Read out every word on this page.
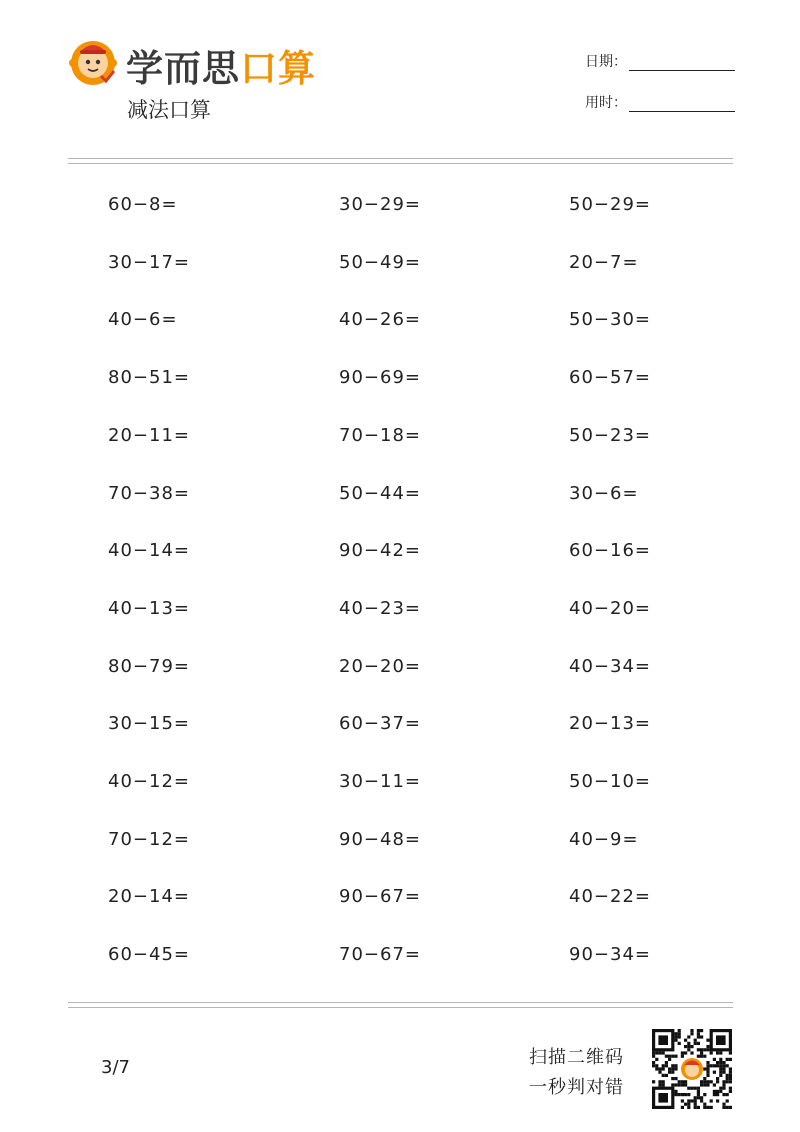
学而思口算
减法口算
日期：
用时：
60−8=
30−17=
40−6=
80−51=
20−11=
70−38=
40−14=
40−13=
80−79=
30−15=
40−12=
70−12=
20−14=
60−45=
30−29=
50−49=
40−26=
90−69=
70−18=
50−44=
90−42=
40−23=
20−20=
60−37=
30−11=
90−48=
90−67=
70−67=
50−29=
20−7=
50−30=
60−57=
50−23=
30−6=
60−16=
40−20=
40−34=
20−13=
50−10=
40−9=
40−22=
90−34=
3/7	扫描二维码
一秒判对错
